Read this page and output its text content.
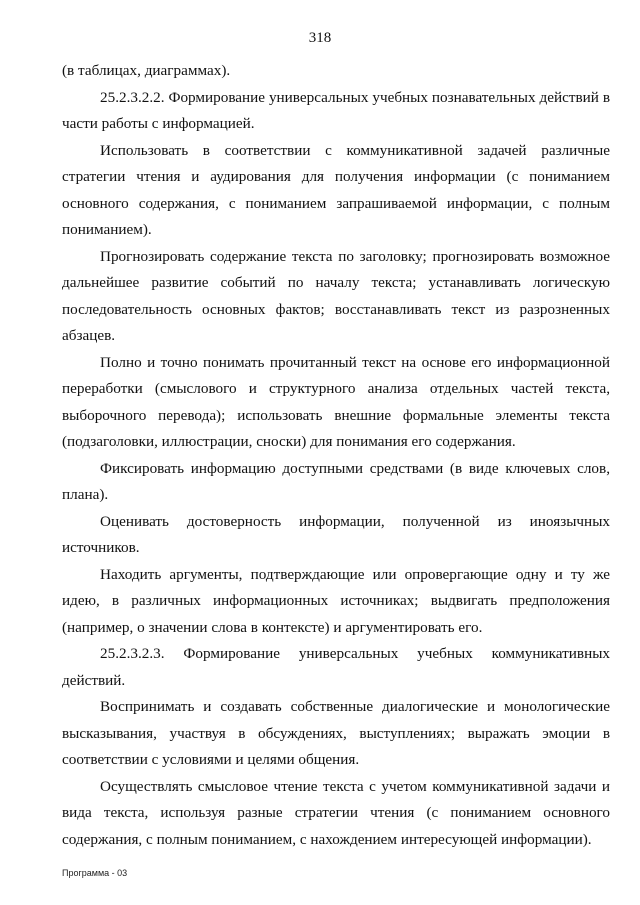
318

(в таблицах, диаграммах).

25.2.3.2.2. Формирование универсальных учебных познавательных действий в части работы с информацией.

Использовать в соответствии с коммуникативной задачей различные стратегии чтения и аудирования для получения информации (с пониманием основного содержания, с пониманием запрашиваемой информации, с полным пониманием).

Прогнозировать содержание текста по заголовку; прогнозировать возможное дальнейшее развитие событий по началу текста; устанавливать логическую последовательность основных фактов; восстанавливать текст из разрозненных абзацев.

Полно и точно понимать прочитанный текст на основе его информационной переработки (смыслового и структурного анализа отдельных частей текста, выборочного перевода); использовать внешние формальные элементы текста (подзаголовки, иллюстрации, сноски) для понимания его содержания.

Фиксировать информацию доступными средствами (в виде ключевых слов, плана).

Оценивать достоверность информации, полученной из иноязычных источников.

Находить аргументы, подтверждающие или опровергающие одну и ту же идею, в различных информационных источниках; выдвигать предположения (например, о значении слова в контексте) и аргументировать его.

25.2.3.2.3. Формирование универсальных учебных коммуникативных действий.

Воспринимать и создавать собственные диалогические и монологические высказывания, участвуя в обсуждениях, выступлениях; выражать эмоции в соответствии с условиями и целями общения.

Осуществлять смысловое чтение текста с учетом коммуникативной задачи и вида текста, используя разные стратегии чтения (с пониманием основного содержания, с полным пониманием, с нахождением интересующей информации).

Программа - 03
